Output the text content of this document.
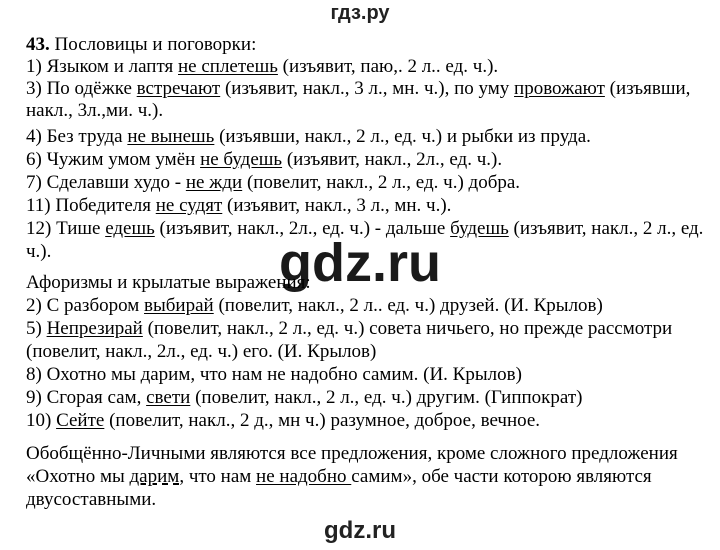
гдз.ру
gdz.ru
gdz.ru
43. Пословицы и поговорки:
1) Языком и лаптя не сплетешь (изъявит, паю,. 2 л.. ед. ч.).
3) По одёжке встречают (изъявит, накл., 3 л., мн. ч.), по уму провожают (изъявши,
накл., 3л.,ми. ч.).
4) Без труда не вынешь (изъявши, накл., 2 л., ед. ч.) и рыбки из пруда.
6) Чужим умом умён не будешь (изъявит, накл., 2л., ед. ч.).
7) Сделавши худо - не жди (повелит, накл., 2 л., ед. ч.) добра.
11) Победителя не судят (изъявит, накл., 3 л., мн. ч.).
12) Тише едешь (изъявит, накл., 2л., ед. ч.) - дальше будешь (изъявит, накл., 2 л., ед.
ч.).
Афоризмы и крылатые выражения:
2) С разбором выбирай (повелит, накл., 2 л.. ед. ч.) друзей. (И. Крылов)
5) Непрезирай (повелит, накл., 2 л., ед. ч.) совета ничьего, но прежде рассмотри
(повелит, накл., 2л., ед. ч.) его. (И. Крылов)
8) Охотно мы дарим, что нам не надобно самим. (И. Крылов)
9) Сгорая сам, свети (повелит, накл., 2 л., ед. ч.) другим. (Гиппократ)
10) Сейте (повелит, накл., 2 д., мн ч.) разумное, доброе, вечное.
Обобщённо-Личными являются все предложения, кроме сложного предложения
«Охотно мы дарим, что нам не надобно самим», обе части которою являются
двусоставными.
